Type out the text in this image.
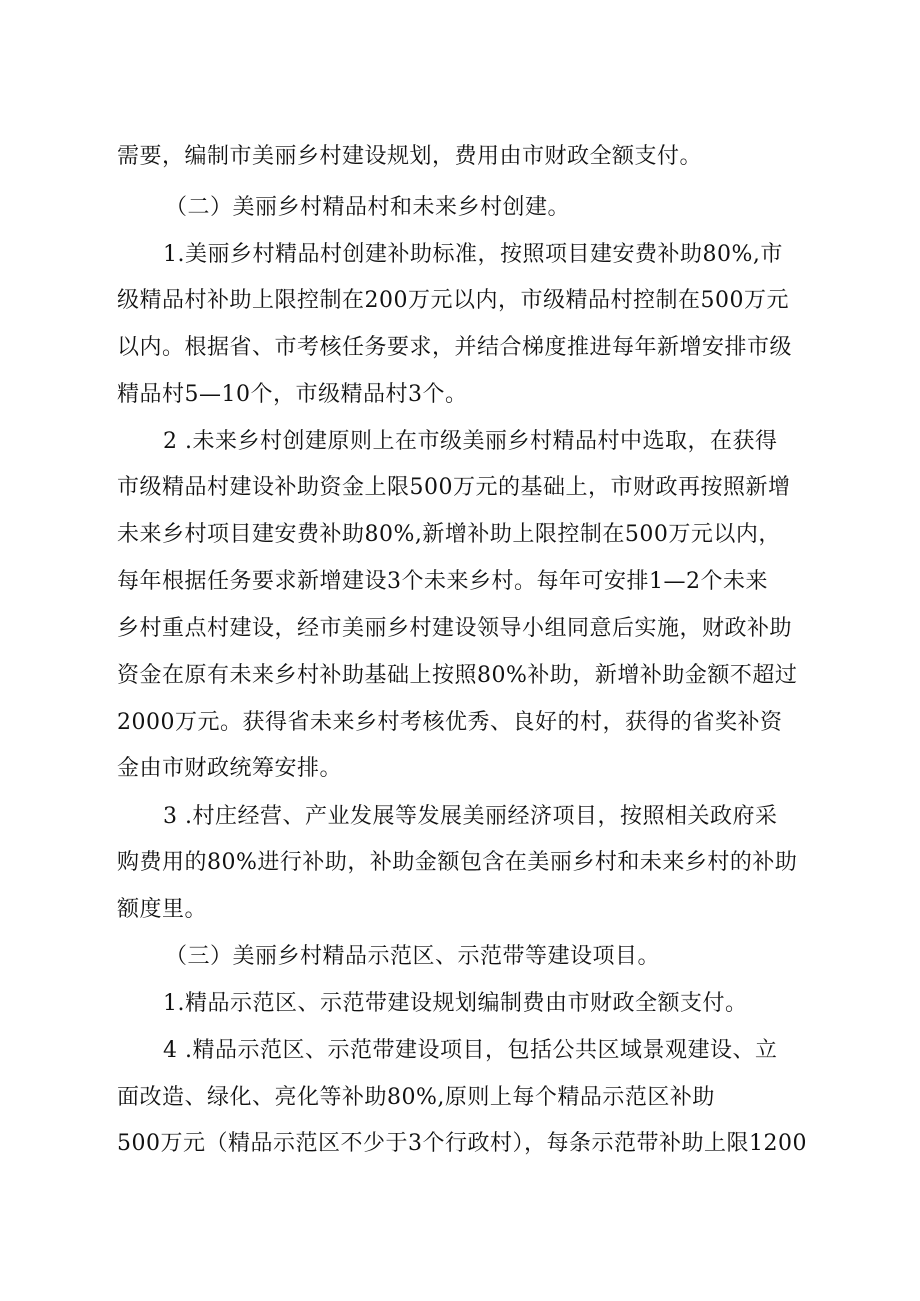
需要，编制市美丽乡村建设规划，费用由市财政全额支付。
（二）美丽乡村精品村和未来乡村创建。
1.美丽乡村精品村创建补助标准，按照项目建安费补助80%,市
级精品村补助上限控制在200万元以内，市级精品村控制在500万元
以内。根据省、市考核任务要求，并结合梯度推进每年新增安排市级
精品村5—10个，市级精品村3个。
2 .未来乡村创建原则上在市级美丽乡村精品村中选取，在获得
市级精品村建设补助资金上限500万元的基础上，市财政再按照新增
未来乡村项目建安费补助80%,新增补助上限控制在500万元以内，
每年根据任务要求新增建设3个未来乡村。每年可安排1—2个未来
乡村重点村建设，经市美丽乡村建设领导小组同意后实施，财政补助
资金在原有未来乡村补助基础上按照80%补助，新增补助金额不超过
2000万元。获得省未来乡村考核优秀、良好的村，获得的省奖补资
金由市财政统筹安排。
3 .村庄经营、产业发展等发展美丽经济项目，按照相关政府采
购费用的80%进行补助，补助金额包含在美丽乡村和未来乡村的补助
额度里。
（三）美丽乡村精品示范区、示范带等建设项目。
1.精品示范区、示范带建设规划编制费由市财政全额支付。
4 .精品示范区、示范带建设项目，包括公共区域景观建设、立
面改造、绿化、亮化等补助80%,原则上每个精品示范区补助
500万元（精品示范区不少于3个行政村），每条示范带补助上限1200
